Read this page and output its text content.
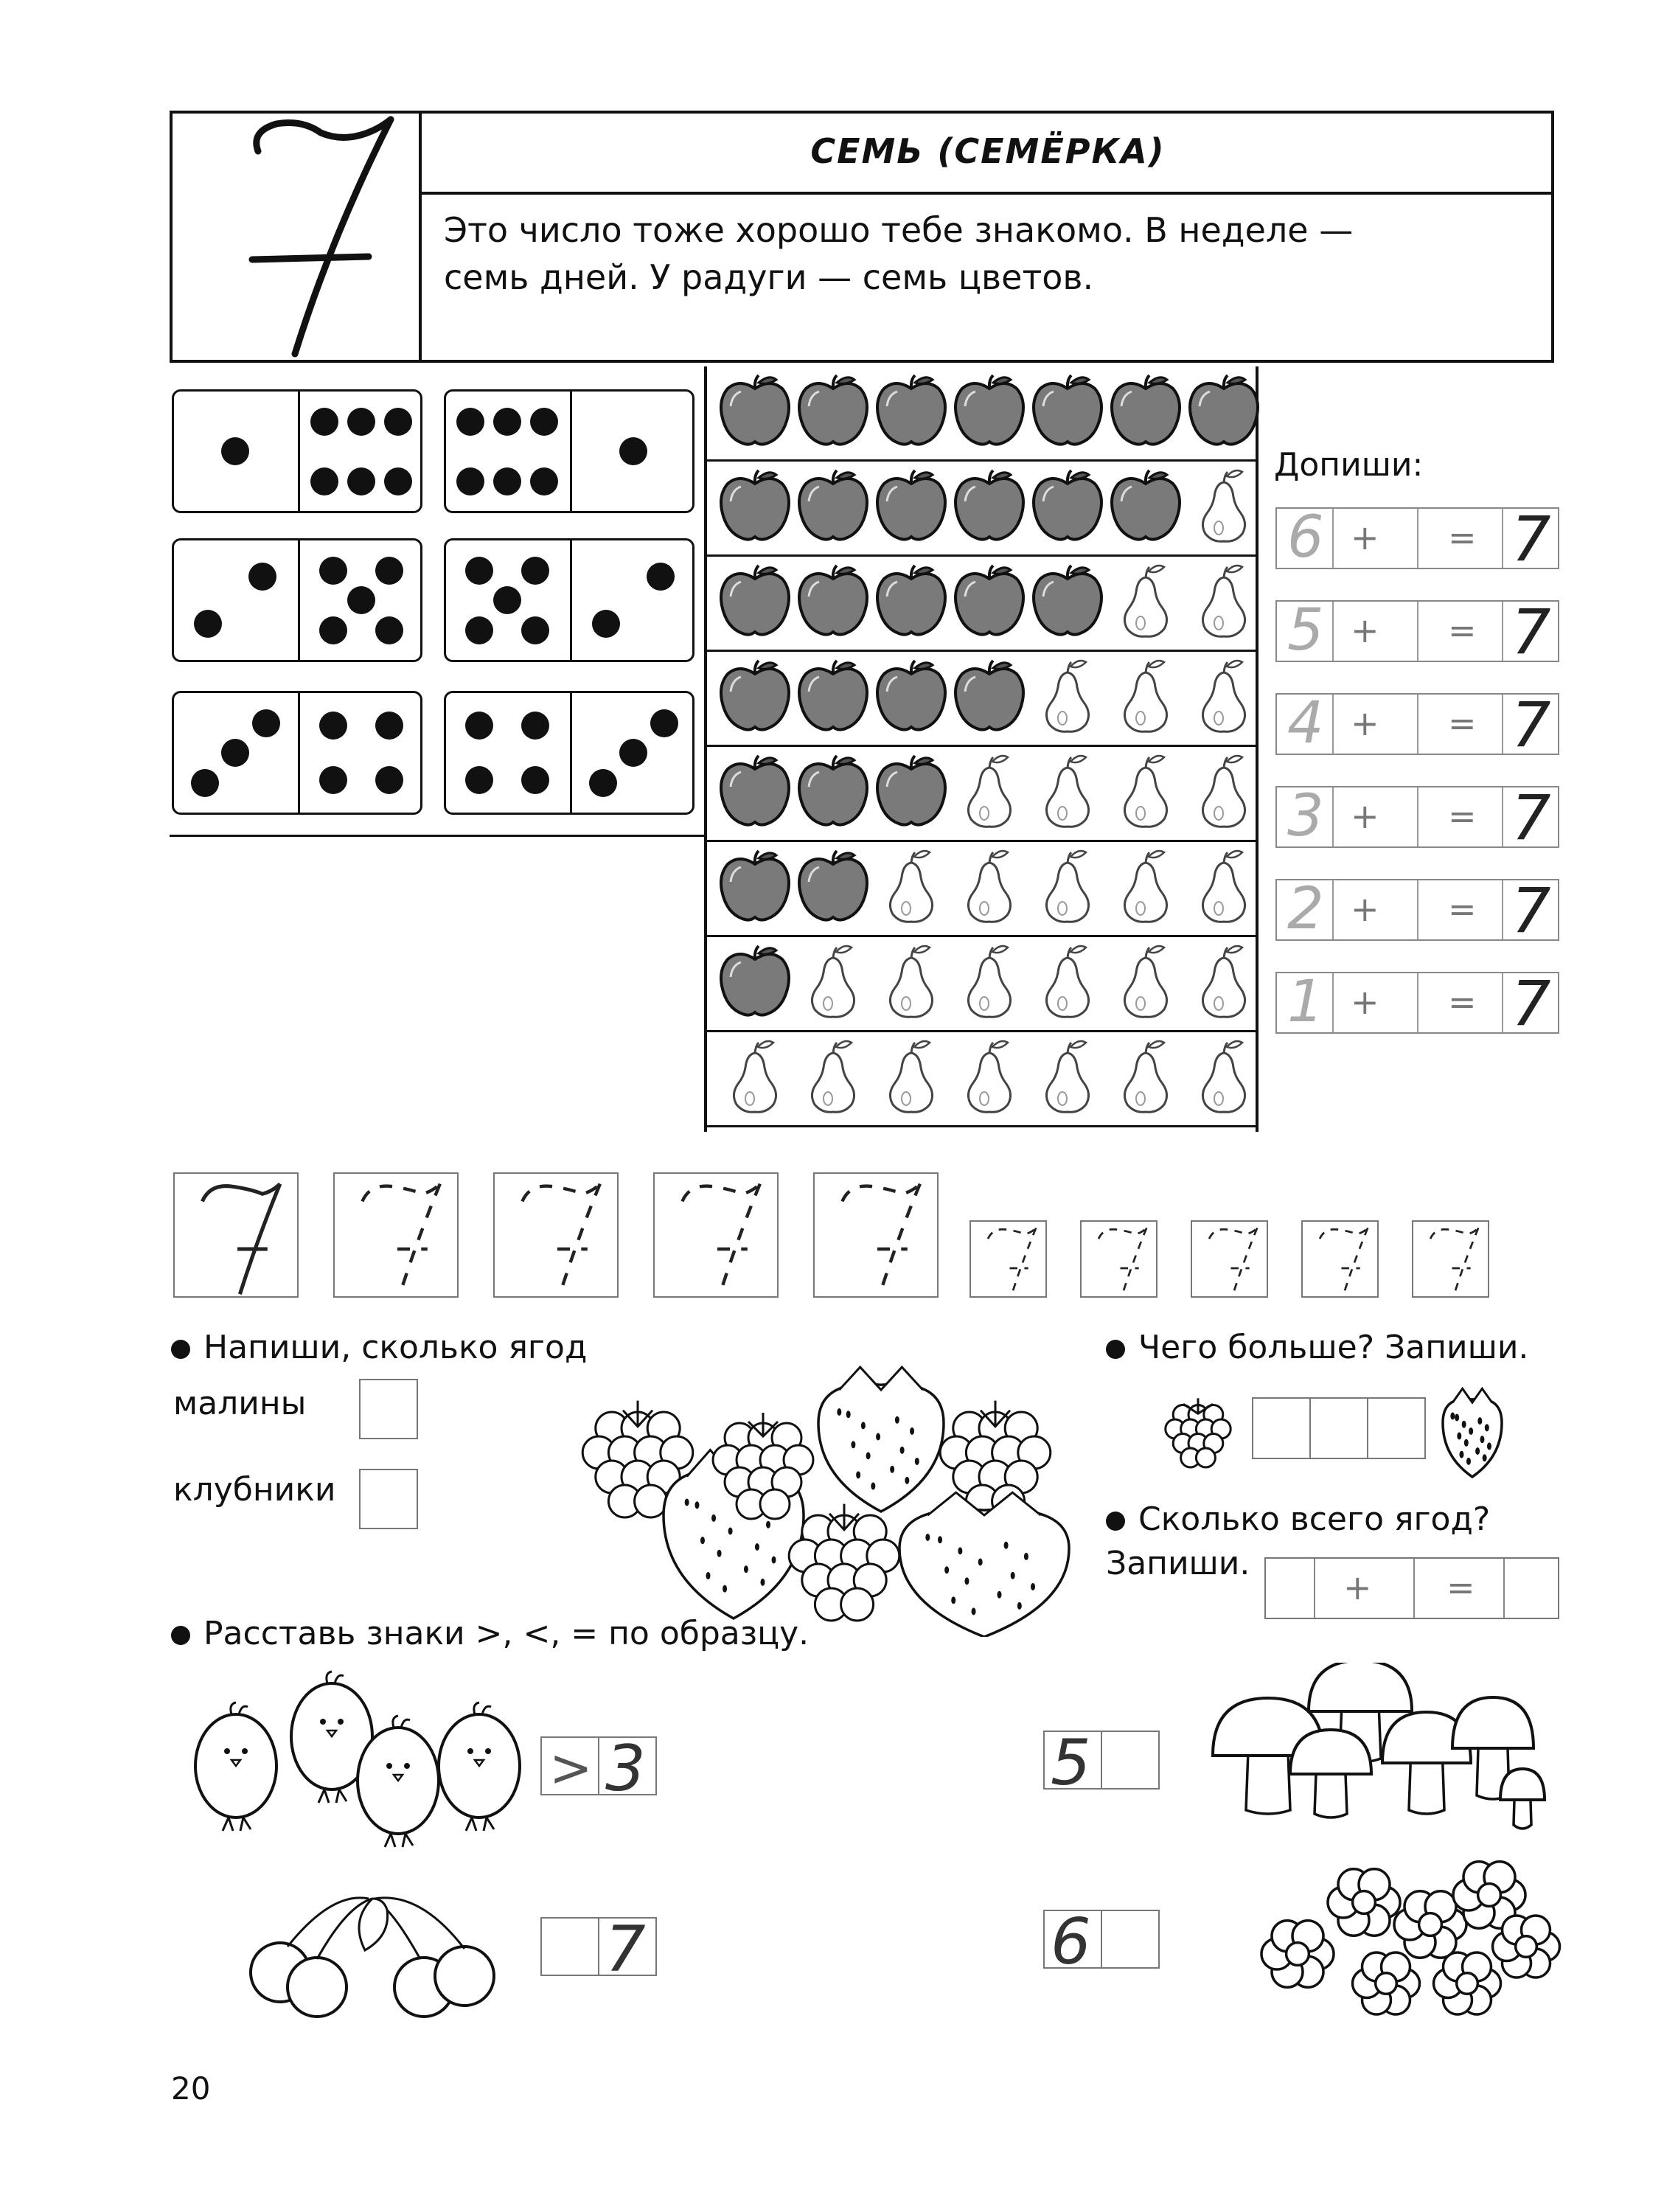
СЕМЬ (СЕМЁРКА)
Это число тоже хорошо тебе знакомо. В неделе —
семь дней. У радуги — семь цветов.
Допиши:
6 + = 7
5 + = 7
4 + = 7
3 + = 7
2 + = 7
1 + = 7
Напиши, сколько ягод
малины
клубники
Чего больше? Запиши.
Сколько всего ягод?
Запиши.
+ =
Расставь знаки >, <, = по образцу.
> 3
7
5
6
20
